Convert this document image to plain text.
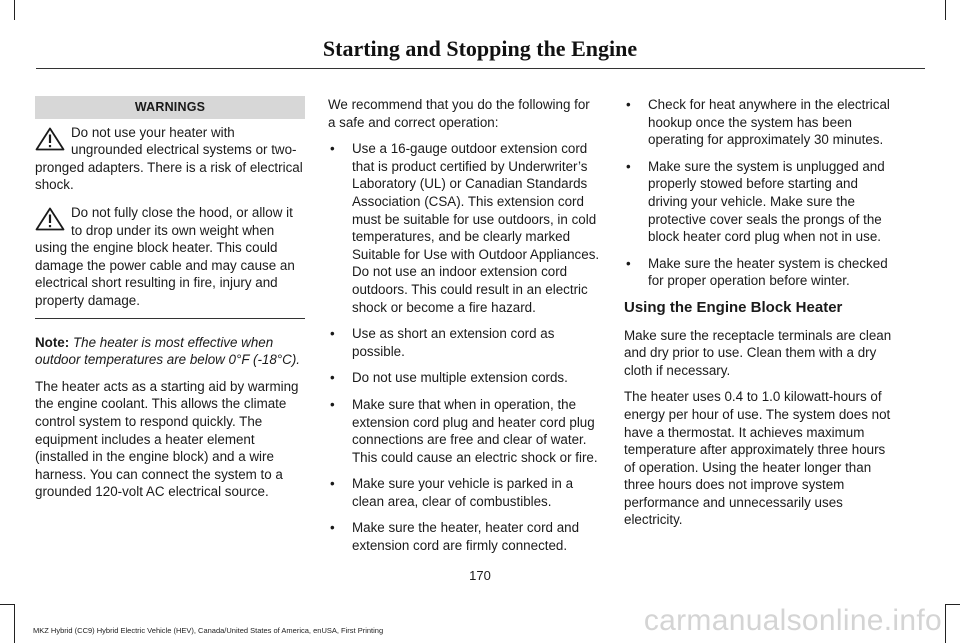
Starting and Stopping the Engine
WARNINGS
Do not use your heater with ungrounded electrical systems or two-pronged adapters. There is a risk of electrical shock.
Do not fully close the hood, or allow it to drop under its own weight when using the engine block heater. This could damage the power cable and may cause an electrical short resulting in fire, injury and property damage.

Note: The heater is most effective when outdoor temperatures are below 0°F (-18°C).

The heater acts as a starting aid by warming the engine coolant. This allows the climate control system to respond quickly. The equipment includes a heater element (installed in the engine block) and a wire harness. You can connect the system to a grounded 120-volt AC electrical source.

We recommend that you do the following for a safe and correct operation:

• Use a 16-gauge outdoor extension cord that is product certified by Underwriter’s Laboratory (UL) or Canadian Standards Association (CSA). This extension cord must be suitable for use outdoors, in cold temperatures, and be clearly marked Suitable for Use with Outdoor Appliances. Do not use an indoor extension cord outdoors. This could result in an electric shock or become a fire hazard.
• Use as short an extension cord as possible.
• Do not use multiple extension cords.
• Make sure that when in operation, the extension cord plug and heater cord plug connections are free and clear of water. This could cause an electric shock or fire.
• Make sure your vehicle is parked in a clean area, clear of combustibles.
• Make sure the heater, heater cord and extension cord are firmly connected.
• Check for heat anywhere in the electrical hookup once the system has been operating for approximately 30 minutes.
• Make sure the system is unplugged and properly stowed before starting and driving your vehicle. Make sure the protective cover seals the prongs of the block heater cord plug when not in use.
• Make sure the heater system is checked for proper operation before winter.
Using the Engine Block Heater

Make sure the receptacle terminals are clean and dry prior to use. Clean them with a dry cloth if necessary.

The heater uses 0.4 to 1.0 kilowatt-hours of energy per hour of use. The system does not have a thermostat. It achieves maximum temperature after approximately three hours of operation. Using the heater longer than three hours does not improve system performance and unnecessarily uses electricity.

170
MKZ Hybrid (CC9) Hybrid Electric Vehicle (HEV), Canada/United States of America, enUSA, First Printing	carmanualsonline.info
